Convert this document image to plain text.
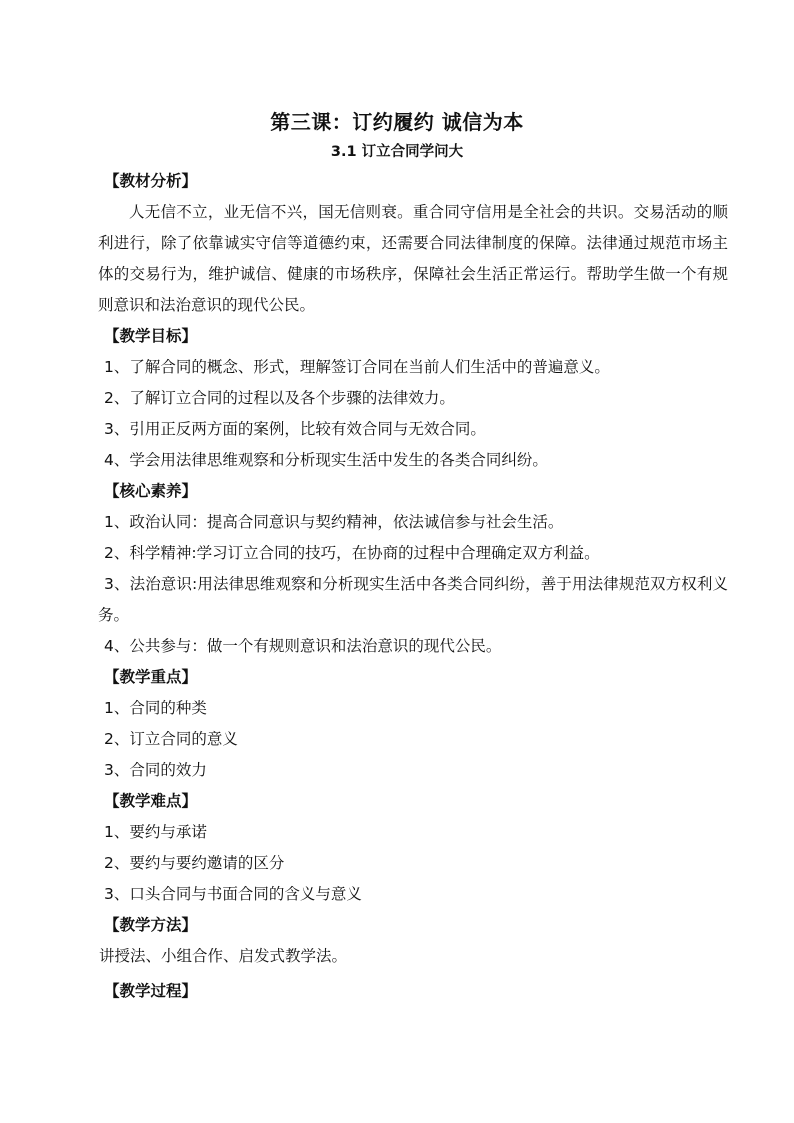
第三课：订约履约 诚信为本
3.1 订立合同学问大
【教材分析】
人无信不立，业无信不兴，国无信则衰。重合同守信用是全社会的共识。交易活动的顺利进行，除了依靠诚实守信等道德约束，还需要合同法律制度的保障。法律通过规范市场主体的交易行为，维护诚信、健康的市场秩序，保障社会生活正常运行。帮助学生做一个有规则意识和法治意识的现代公民。
【教学目标】
1、了解合同的概念、形式，理解签订合同在当前人们生活中的普遍意义。
2、了解订立合同的过程以及各个步骤的法律效力。
3、引用正反两方面的案例，比较有效合同与无效合同。
4、学会用法律思维观察和分析现实生活中发生的各类合同纠纷。
【核心素养】
1、政治认同：提高合同意识与契约精神，依法诚信参与社会生活。
2、科学精神:学习订立合同的技巧，在协商的过程中合理确定双方利益。
3、法治意识:用法律思维观察和分析现实生活中各类合同纠纷，善于用法律规范双方权利义务。
4、公共参与：做一个有规则意识和法治意识的现代公民。
【教学重点】
1、合同的种类
2、订立合同的意义
3、合同的效力
【教学难点】
1、要约与承诺
2、要约与要约邀请的区分
3、口头合同与书面合同的含义与意义
【教学方法】
讲授法、小组合作、启发式教学法。
【教学过程】
